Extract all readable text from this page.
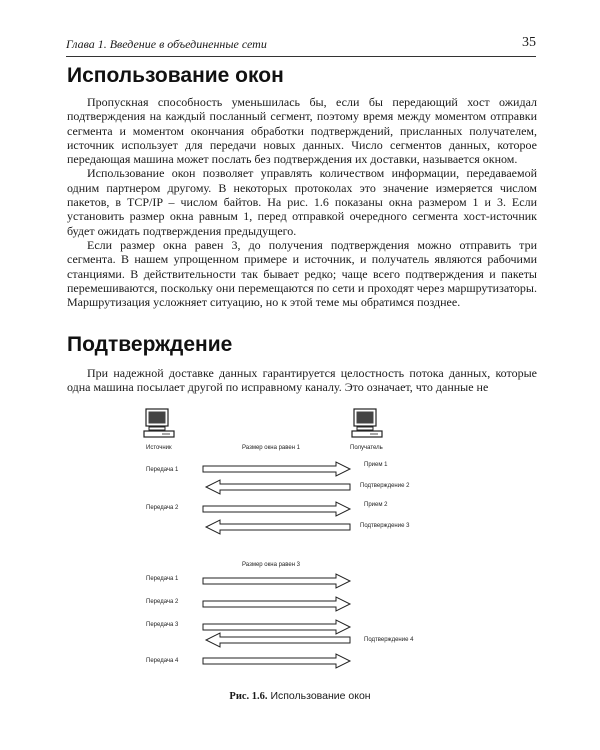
Глава 1. Введение в объединенные сети	35
Использование окон

Пропускная способность уменьшилась бы, если бы передающий хост ожидал подтверждения на каждый посланный сегмент, поэтому время между моментом отправки сегмента и моментом окончания обработки подтверждений, присланных получателем, источник использует для передачи новых данных. Число сегментов данных, которое передающая машина может послать без подтверждения их доставки, называется окном.

Использование окон позволяет управлять количеством информации, передаваемой одним партнером другому. В некоторых протоколах это значение измеряется числом пакетов, в TCP/IP – числом байтов. На рис. 1.6 показаны окна размером 1 и 3. Если установить размер окна равным 1, перед отправкой очередного сегмента хост-источник будет ожидать подтверждения предыдущего.

Если размер окна равен 3, до получения подтверждения можно отправить три сегмента. В нашем упрощенном примере и источник, и получатель являются рабочими станциями. В действительности так бывает редко; чаще всего подтверждения и пакеты перемешиваются, поскольку они перемещаются по сети и проходят через маршрутизаторы. Маршрутизация усложняет ситуацию, но к этой теме мы обратимся позднее.

Подтверждение

При надежной доставке данных гарантируется целостность потока данных, которые одна машина посылает другой по исправному каналу. Это означает, что данные не

Источник	Получатель
Размер окна равен 1
Передача 1
Прием 1
Подтверждение 2
Передача 2	Прием 2
Подтверждение 3
Размер окна равен 3
Передача 1
Передача 2
Передача 3
Подтверждение 4
Передача 4
Рис. 1.6. Использование окон
